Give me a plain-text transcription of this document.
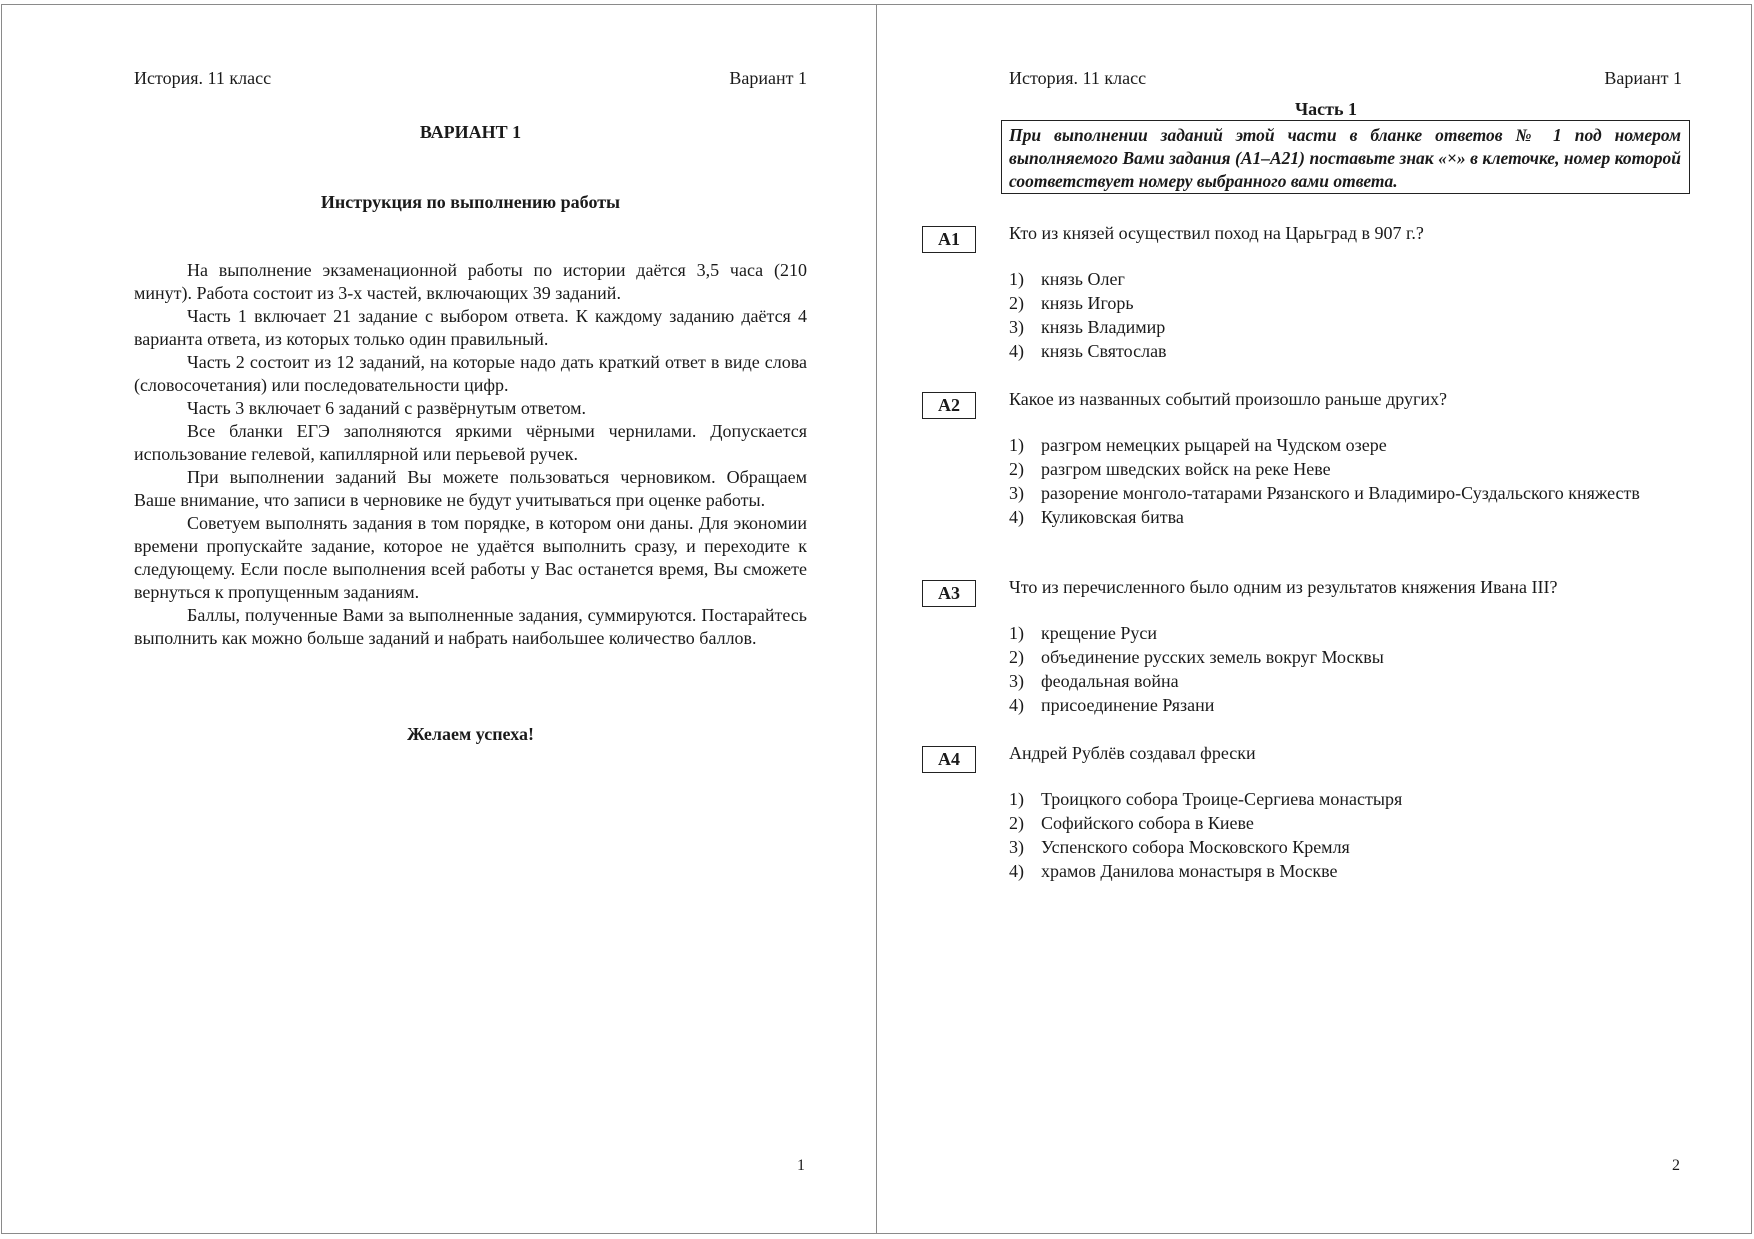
История. 11 класс	Вариант 1
ВАРИАНТ 1
Инструкция по выполнению работы

На выполнение экзаменационной работы по истории даётся 3,5 часа (210 минут). Работа состоит из 3-х частей, включающих 39 заданий.

Часть 1 включает 21 задание с выбором ответа. К каждому заданию даётся 4 варианта ответа, из которых только один правильный.

Часть 2 состоит из 12 заданий, на которые надо дать краткий ответ в виде слова (словосочетания) или последовательности цифр.

Часть 3 включает 6 заданий с развёрнутым ответом.

Все бланки ЕГЭ заполняются яркими чёрными чернилами. Допускается использование гелевой, капиллярной или перьевой ручек.

При выполнении заданий Вы можете пользоваться черновиком. Обращаем Ваше внимание, что записи в черновике не будут учитываться при оценке работы.

Советуем выполнять задания в том порядке, в котором они даны. Для экономии времени пропускайте задание, которое не удаётся выполнить сразу, и переходите к следующему. Если после выполнения всей работы у Вас останется время, Вы сможете вернуться к пропущенным заданиям.

Баллы, полученные Вами за выполненные задания, суммируются. Постарайтесь выполнить как можно больше заданий и набрать наибольшее количество баллов.

Желаем успеха!
1
История. 11 класс	Вариант 1
Часть 1
При выполнении заданий этой части в бланке ответов № 1 под номером выполняемого Вами задания (А1–А21) поставьте знак «×» в клеточке, номер которой соответствует номеру выбранного вами ответа.
A1	Кто из князей осуществил поход на Царьград в 907 г.?
1) князь Олег
2) князь Игорь
3) князь Владимир
4) князь Святослав
A2	Какое из названных событий произошло раньше других?
1) разгром немецких рыцарей на Чудском озере
2) разгром шведских войск на реке Неве
3) разорение монголо-татарами Рязанского и Владимиро-Суздальского княжеств
4) Куликовская битва
A3	Что из перечисленного было одним из результатов княжения Ивана III?
1) крещение Руси
2) объединение русских земель вокруг Москвы
3) феодальная война
4) присоединение Рязани
A4	Андрей Рублёв создавал фрески
1) Троицкого собора Троице-Сергиева монастыря
2) Софийского собора в Киеве
3) Успенского собора Московского Кремля
4) храмов Данилова монастыря в Москве
2
